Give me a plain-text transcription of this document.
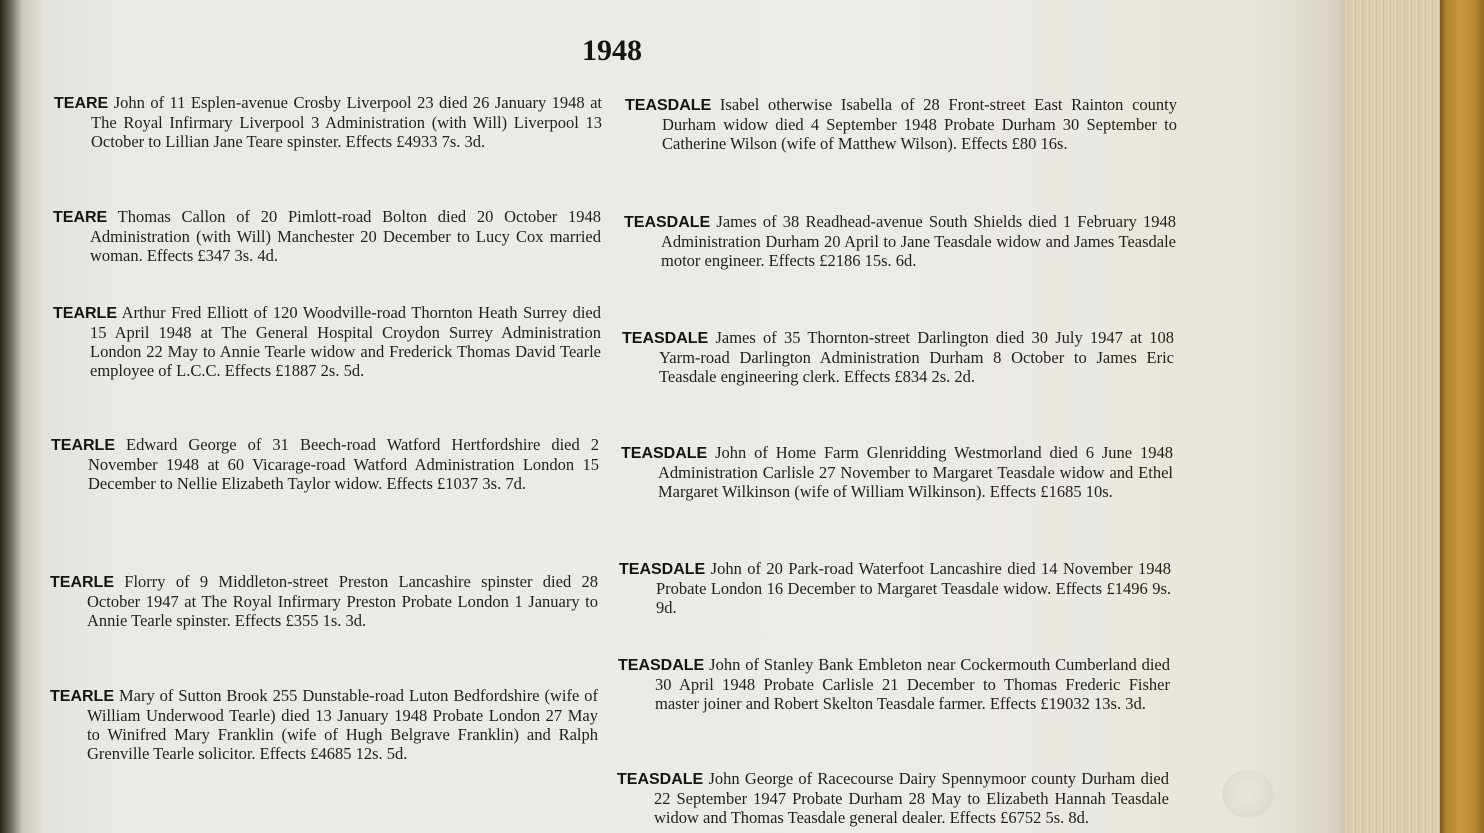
1948
TEARE John of 11 Esplen-avenue Crosby Liverpool 23 died 26 January 1948 at The Royal Infirmary Liverpool 3 Administration (with Will) Liverpool 13 October to Lillian Jane Teare spinster. Effects £4933 7s. 3d.
TEARE Thomas Callon of 20 Pimlott-road Bolton died 20 October 1948 Administration (with Will) Manchester 20 December to Lucy Cox married woman. Effects £347 3s. 4d.
TEARLE Arthur Fred Elliott of 120 Woodville-road Thornton Heath Surrey died 15 April 1948 at The General Hospital Croydon Surrey Administration London 22 May to Annie Tearle widow and Frederick Thomas David Tearle employee of L.C.C. Effects £1887 2s. 5d.
TEARLE Edward George of 31 Beech-road Watford Hertfordshire died 2 November 1948 at 60 Vicarage-road Watford Administration London 15 December to Nellie Elizabeth Taylor widow. Effects £1037 3s. 7d.
TEARLE Florry of 9 Middleton-street Preston Lancashire spinster died 28 October 1947 at The Royal Infirmary Preston Probate London 1 January to Annie Tearle spinster. Effects £355 1s. 3d.
TEARLE Mary of Sutton Brook 255 Dunstable-road Luton Bedfordshire (wife of William Underwood Tearle) died 13 January 1948 Probate London 27 May to Winifred Mary Franklin (wife of Hugh Belgrave Franklin) and Ralph Grenville Tearle solicitor. Effects £4685 12s. 5d.
TEASDALE Isabel otherwise Isabella of 28 Front-street East Rainton county Durham widow died 4 September 1948 Probate Durham 30 September to Catherine Wilson (wife of Matthew Wilson). Effects £80 16s.
TEASDALE James of 38 Readhead-avenue South Shields died 1 February 1948 Administration Durham 20 April to Jane Teasdale widow and James Teasdale motor engineer. Effects £2186 15s. 6d.
TEASDALE James of 35 Thornton-street Darlington died 30 July 1947 at 108 Yarm-road Darlington Administration Durham 8 October to James Eric Teasdale engineering clerk. Effects £834 2s. 2d.
TEASDALE John of Home Farm Glenridding Westmorland died 6 June 1948 Administration Carlisle 27 November to Margaret Teasdale widow and Ethel Margaret Wilkinson (wife of William Wilkinson). Effects £1685 10s.
TEASDALE John of 20 Park-road Waterfoot Lancashire died 14 November 1948 Probate London 16 December to Margaret Teasdale widow. Effects £1496 9s. 9d.
TEASDALE John of Stanley Bank Embleton near Cockermouth Cumberland died 30 April 1948 Probate Carlisle 21 December to Thomas Frederic Fisher master joiner and Robert Skelton Teasdale farmer. Effects £19032 13s. 3d.
TEASDALE John George of Racecourse Dairy Spennymoor county Durham died 22 September 1947 Probate Durham 28 May to Elizabeth Hannah Teasdale widow and Thomas Teasdale general dealer. Effects £6752 5s. 8d.
